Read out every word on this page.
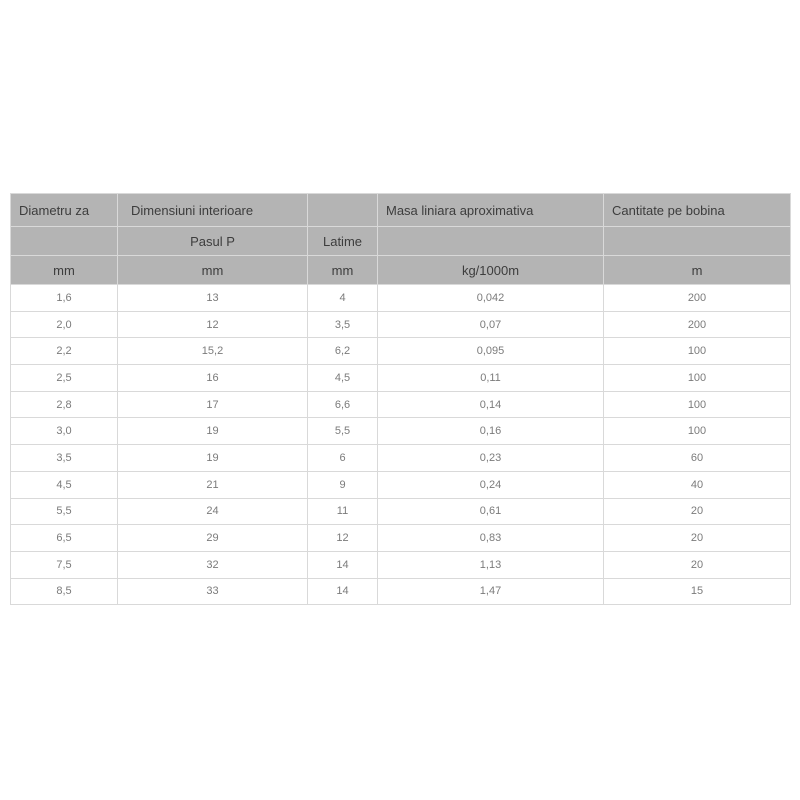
Diametru za	Dimensiuni interioare		Masa liniara aproximativa	Cantitate pe bobina
	Pasul P	Latime		
mm	mm	mm	kg/1000m	m
1,6	13	4	0,042	200
2,0	12	3,5	0,07	200
2,2	15,2	6,2	0,095	100
2,5	16	4,5	0,11	100
2,8	17	6,6	0,14	100
3,0	19	5,5	0,16	100
3,5	19	6	0,23	60
4,5	21	9	0,24	40
5,5	24	11	0,61	20
6,5	29	12	0,83	20
7,5	32	14	1,13	20
8,5	33	14	1,47	15
